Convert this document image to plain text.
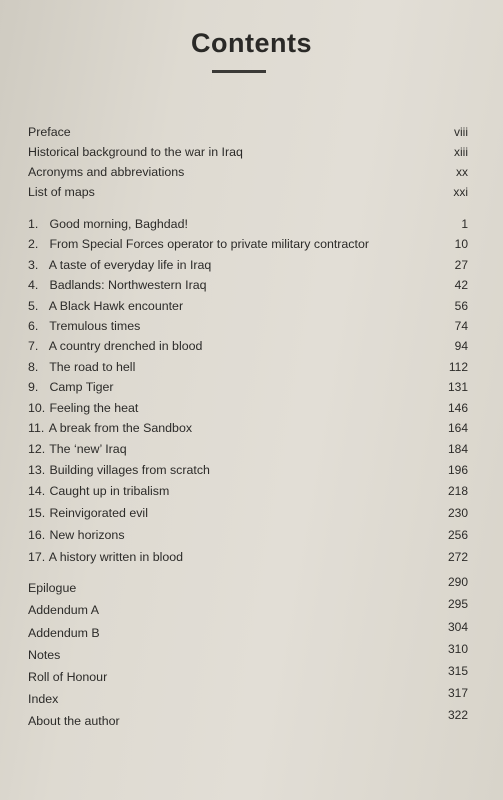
Contents
Preface	viii
Historical background to the war in Iraq	xiii
Acronyms and abbreviations	xx
List of maps	xxi
1. Good morning, Baghdad!	1
2. From Special Forces operator to private military contractor	10
3. A taste of everyday life in Iraq	27
4. Badlands: Northwestern Iraq	42
5. A Black Hawk encounter	56
6. Tremulous times	74
7. A country drenched in blood	94
8. The road to hell	112
9. Camp Tiger	131
10. Feeling the heat	146
11. A break from the Sandbox	164
12. The ‘new’ Iraq	184
13. Building villages from scratch	196
14. Caught up in tribalism	218
15. Reinvigorated evil	230
16. New horizons	256
17. A history written in blood	272
Epilogue	290
Addendum A	295
Addendum B	304
Notes	310
Roll of Honour	315
Index	317
About the author	322
